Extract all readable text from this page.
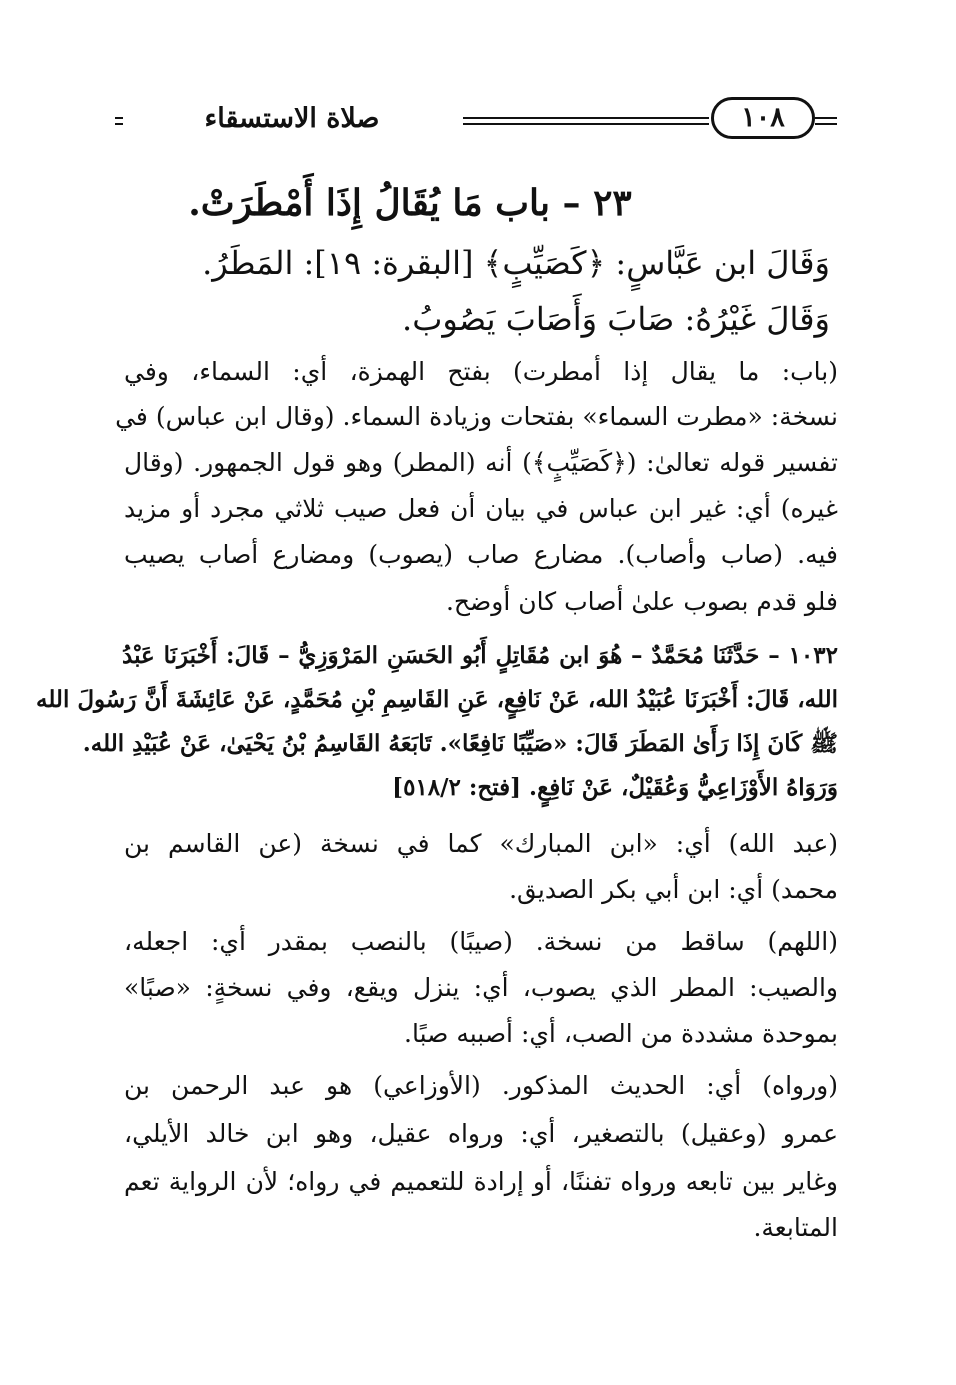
صلاة الاستسقاء	١٠٨
٢٣ – باب مَا يُقَالُ إِذَا أَمْطَرَتْ.
وَقَالَ ابن عَبَّاسٍ: ﴿كَصَيِّبٍ﴾ [البقرة: ١٩]: المَطَرُ.
وَقَالَ غَيْرُهُ: صَابَ وَأَصَابَ يَصُوبُ.
(باب: ما يقال إذا أمطرت) بفتح الهمزة، أي: السماء، وفي
نسخة: «مطرت السماء» بفتحات وزيادة السماء. (وقال ابن عباس) في
تفسير قوله تعالىٰ: (﴿كَصَيِّبٍ﴾) أنه (المطر) وهو قول الجمهور. (وقال
غيره) أي: غير ابن عباس في بيان أن فعل صيب ثلاثي مجرد أو مزيد
فيه. (صاب وأصاب). مضارع صاب (يصوب) ومضارع أصاب يصيب
فلو قدم بصوب علىٰ أصاب كان أوضح.
١٠٣٢ – حَدَّثَنَا مُحَمَّدٌ – هُوَ ابن مُقَاتِلٍ أَبُو الحَسَنِ المَرْوَزِيُّ – قَالَ: أَخْبَرَنَا عَبْدُ
الله، قَالَ: أَخْبَرَنَا عُبَيْدُ الله، عَنْ نَافِعٍ، عَنِ القَاسِمِ بْنِ مُحَمَّدٍ، عَنْ عَائِشَةَ أَنَّ رَسُولَ الله
ﷺ كَانَ إِذَا رَأَىٰ المَطَرَ قَالَ: «صَيِّبًا نَافِعًا». تَابَعَهُ القَاسِمُ بْنُ يَحْيَىٰ، عَنْ عُبَيْدِ الله.
وَرَوَاهُ الأَوْزَاعِيُّ وَعُقَيْلٌ، عَنْ نَافِعٍ. [فتح: ٥١٨/٢]
(عبد الله) أي: «ابن المبارك» كما في نسخة (عن القاسم بن
محمد) أي: ابن أبي بكر الصديق.
(اللهم) ساقط من نسخة. (صيبًا) بالنصب بمقدر أي: اجعله،
والصيب: المطر الذي يصوب، أي: ينزل ويقع، وفي نسخةٍ: «صبًا»
بموحدة مشددة من الصب، أي: أصببه صبًا.
(ورواه) أي: الحديث المذكور. (الأوزاعي) هو عبد الرحمن بن
عمرو (وعقيل) بالتصغير، أي: ورواه عقيل، وهو ابن خالد الأيلي،
وغاير بين تابعه ورواه تفننًا، أو إرادة للتعميم في رواه؛ لأن الرواية تعم
المتابعة.
